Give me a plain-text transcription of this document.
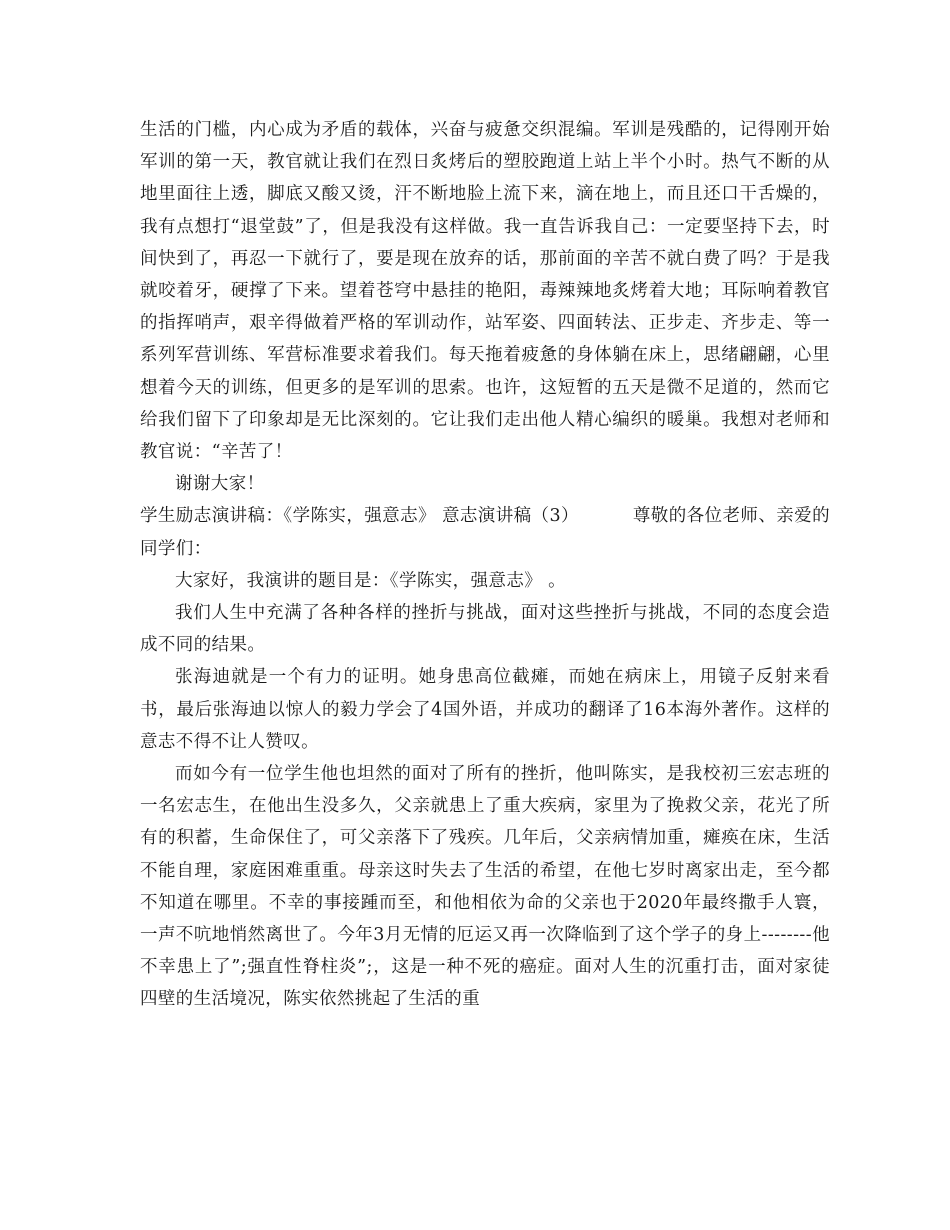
生活的门槛，内心成为矛盾的载体，兴奋与疲惫交织混编。军训是残酷的，记得刚开始军训的第一天，教官就让我们在烈日炙烤后的塑胶跑道上站上半个小时。热气不断的从地里面往上透，脚底又酸又烫，汗不断地脸上流下来，滴在地上，而且还口干舌燥的，我有点想打“退堂鼓”了，但是我没有这样做。我一直告诉我自己：一定要坚持下去，时间快到了，再忍一下就行了，要是现在放弃的话，那前面的辛苦不就白费了吗？于是我就咬着牙，硬撑了下来。望着苍穹中悬挂的艳阳，毒辣辣地炙烤着大地；耳际响着教官的指挥哨声，艰辛得做着严格的军训动作，站军姿、四面转法、正步走、齐步走、等一系列军营训练、军营标准要求着我们。每天拖着疲惫的身体躺在床上，思绪翩翩，心里想着今天的训练，但更多的是军训的思索。也许，这短暂的五天是微不足道的，然而它给我们留下了印象却是无比深刻的。它让我们走出他人精心编织的暖巢。我想对老师和教官说：“辛苦了！

谢谢大家！

学生励志演讲稿：《学陈实，强意志》 意志演讲稿（3）         尊敬的各位老师、亲爱的同学们：

大家好，我演讲的题目是：《学陈实，强意志》 。

我们人生中充满了各种各样的挫折与挑战，面对这些挫折与挑战，不同的态度会造成不同的结果。

张海迪就是一个有力的证明。她身患高位截瘫，而她在病床上，用镜子反射来看书，最后张海迪以惊人的毅力学会了4国外语，并成功的翻译了16本海外著作。这样的意志不得不让人赞叹。

而如今有一位学生他也坦然的面对了所有的挫折，他叫陈实，是我校初三宏志班的一名宏志生，在他出生没多久，父亲就患上了重大疾病，家里为了挽救父亲，花光了所有的积蓄，生命保住了，可父亲落下了残疾。几年后，父亲病情加重，瘫痪在床，生活不能自理，家庭困难重重。母亲这时失去了生活的希望，在他七岁时离家出走，至今都不知道在哪里。不幸的事接踵而至，和他相依为命的父亲也于2020年最终撒手人寰，一声不吭地悄然离世了。今年3月无情的厄运又再一次降临到了这个学子的身上--------他不幸患上了”;强直性脊柱炎”;，这是一种不死的癌症。面对人生的沉重打击，面对家徒四壁的生活境况，陈实依然挑起了生活的重
